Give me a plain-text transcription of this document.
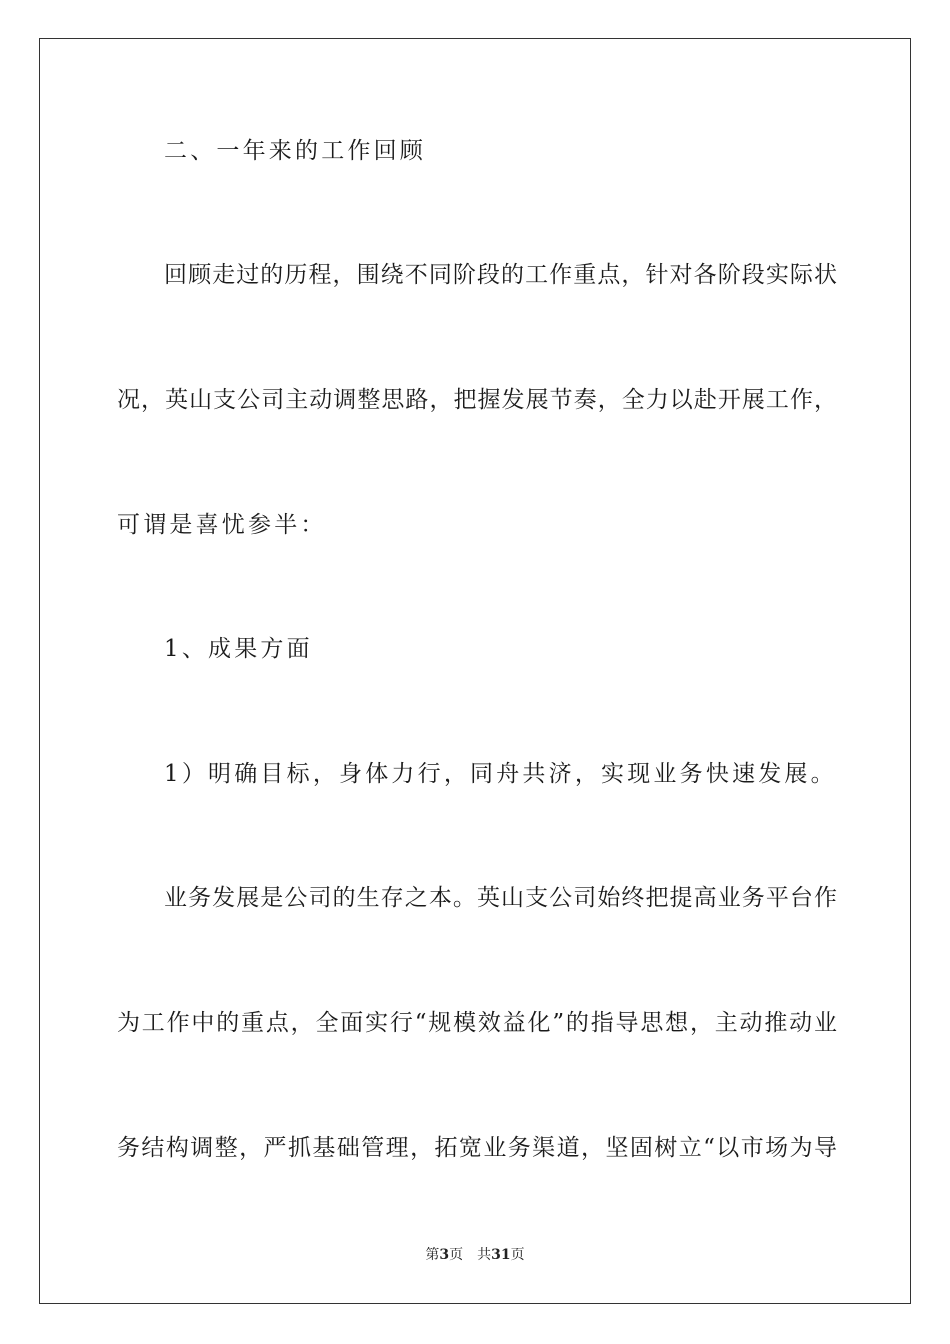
二、一年来的工作回顾
回顾走过的历程，围绕不同阶段的工作重点，针对各阶段实际状
况，英山支公司主动调整思路，把握发展节奏，全力以赴开展工作，
可谓是喜忧参半：
1、成果方面
1）明确目标，身体力行，同舟共济，实现业务快速发展。
业务发展是公司的生存之本。英山支公司始终把提高业务平台作
为工作中的重点，全面实行“规模效益化”的指导思想，主动推动业
务结构调整，严抓基础管理，拓宽业务渠道，坚固树立“以市场为导
第3页 共31页
